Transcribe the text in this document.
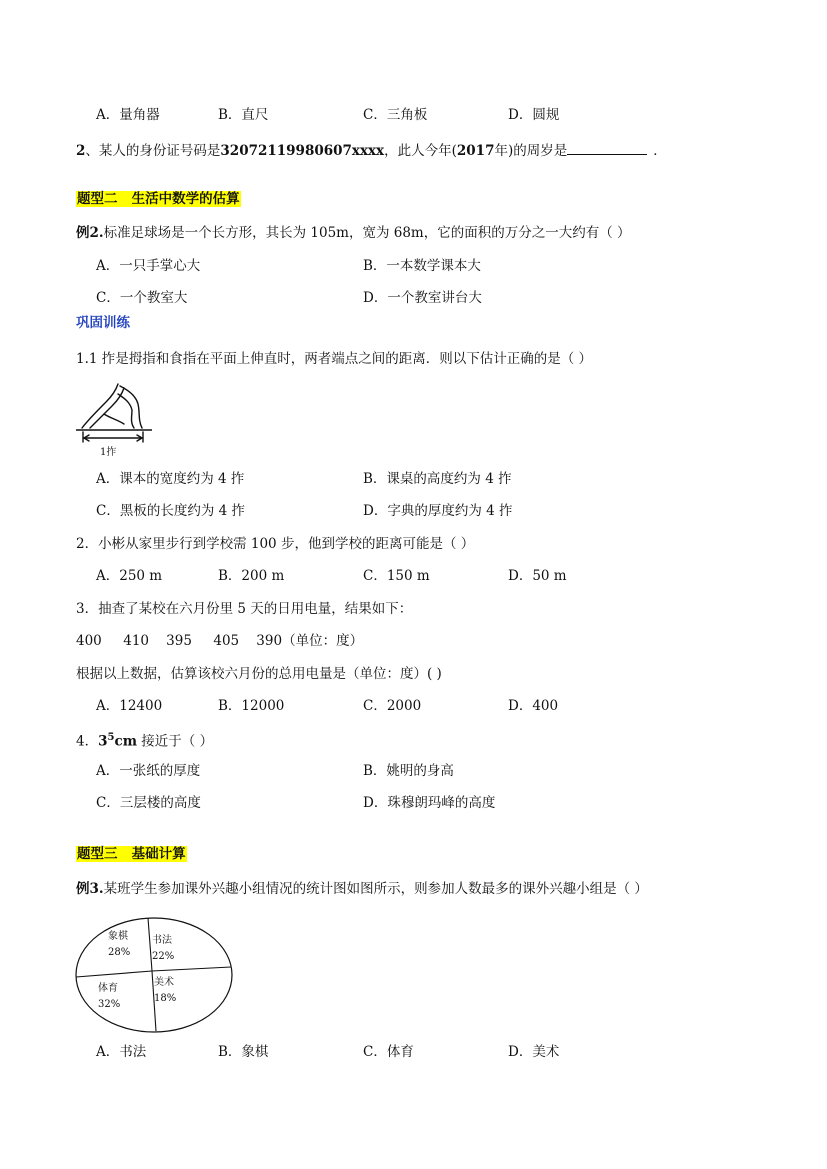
A．量角器	B．直尺	C．三角板	D．圆规
2、某人的身份证号码是32072119980607xxxx，此人今年(2017年)的周岁是	．
题型二 生活中数学的估算
例2.标准足球场是一个长方形，其长为 105m，宽为 68m，它的面积的万分之一大约有（ ）
A．一只手掌心大	B．一本数学课本大
C．一个教室大	D．一个教室讲台大
巩固训练
1.1 拃是拇指和食指在平面上伸直时，两者端点之间的距离．则以下估计正确的是（ ）
1拃
A．课本的宽度约为 4 拃	B．课桌的高度约为 4 拃
C．黑板的长度约为 4 拃	D．字典的厚度约为 4 拃
2．小彬从家里步行到学校需 100 步，他到学校的距离可能是（ ）
A．250 m	B．200 m	C．150 m	D．50 m
3．抽查了某校在六月份里 5 天的日用电量，结果如下：
400     410    395     405    390（单位：度）
根据以上数据，估算该校六月份的总用电量是（单位：度）( )
A．12400	B．12000	C．2000	D．400
4．$3^5cm$ 接近于（ ）
A．一张纸的厚度	B．姚明的身高
C．三层楼的高度	D．珠穆朗玛峰的高度
题型三 基础计算
例3.某班学生参加课外兴趣小组情况的统计图如图所示，则参加人数最多的课外兴趣小组是（ ）
象棋
28%
书法
22%
美术
18%
体育
32%
A．书法	B．象棋	C．体育	D．美术
